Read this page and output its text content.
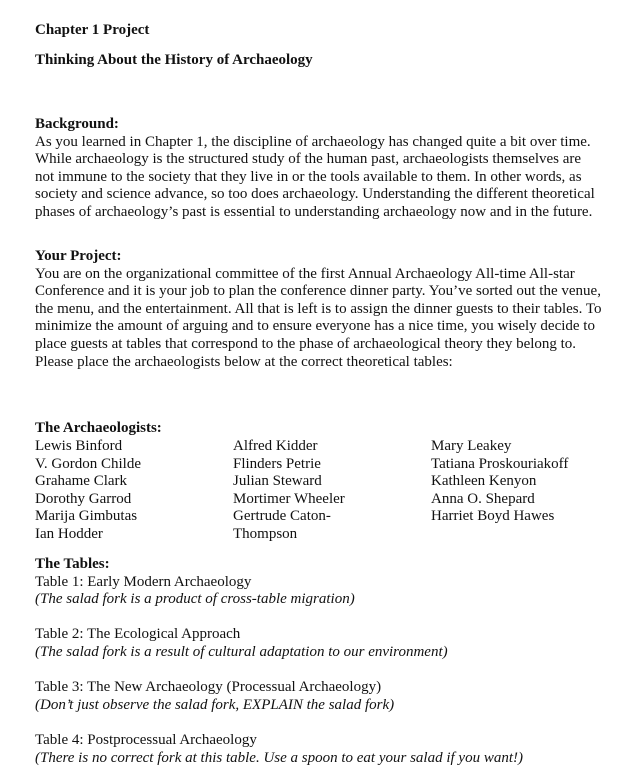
Chapter 1 Project
Thinking About the History of Archaeology
Background:

As you learned in Chapter 1, the discipline of archaeology has changed quite a bit over time. While archaeology is the structured study of the human past, archaeologists themselves are not immune to the society that they live in or the tools available to them. In other words, as society and science advance, so too does archaeology. Understanding the different theoretical phases of archaeology’s past is essential to understanding archaeology now and in the future.

Your Project:

You are on the organizational committee of the first Annual Archaeology All-time All-star Conference and it is your job to plan the conference dinner party. You’ve sorted out the venue, the menu, and the entertainment. All that is left is to assign the dinner guests to their tables. To minimize the amount of arguing and to ensure everyone has a nice time, you wisely decide to place guests at tables that correspond to the phase of archaeological theory they belong to. Please place the archaeologists below at the correct theoretical tables:

The Archaeologists:
Lewis Binford
V. Gordon Childe
Grahame Clark
Dorothy Garrod
Marija Gimbutas
Ian Hodder
Alfred Kidder
Flinders Petrie
Julian Steward
Mortimer Wheeler
Gertrude Caton-
Thompson
Mary Leakey
Tatiana Proskouriakoff
Kathleen Kenyon
Anna O. Shepard
Harriet Boyd Hawes
The Tables:
Table 1: Early Modern Archaeology
(The salad fork is a product of cross-table migration)
Table 2: The Ecological Approach
(The salad fork is a result of cultural adaptation to our environment)
Table 3: The New Archaeology (Processual Archaeology)
(Don’t just observe the salad fork, EXPLAIN the salad fork)
Table 4: Postprocessual Archaeology
(There is no correct fork at this table. Use a spoon to eat your salad if you want!)
